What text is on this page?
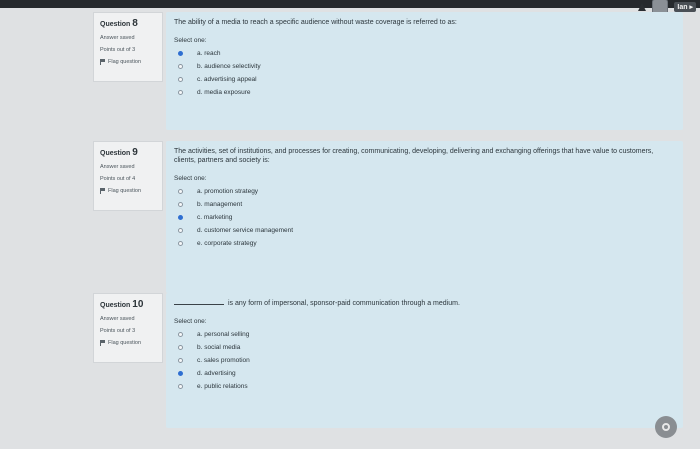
Ian ▸
Question 8
Answer saved
Points out of 3
Flag question
The ability of a media to reach a specific audience without waste coverage is referred to as:
Select one:
a. reach
b. audience selectivity
c. advertising appeal
d. media exposure
Question 9
Answer saved
Points out of 4
Flag question
The activities, set of institutions, and processes for creating, communicating, developing, delivering and exchanging offerings that have value to customers, clients, partners and society is:
Select one:
a. promotion strategy
b. management
c. marketing
d. customer service management
e. corporate strategy
Question 10
Answer saved
Points out of 3
Flag question
is any form of impersonal, sponsor-paid communication through a medium.
Select one:
a. personal selling
b. social media
c. sales promotion
d. advertising
e. public relations
